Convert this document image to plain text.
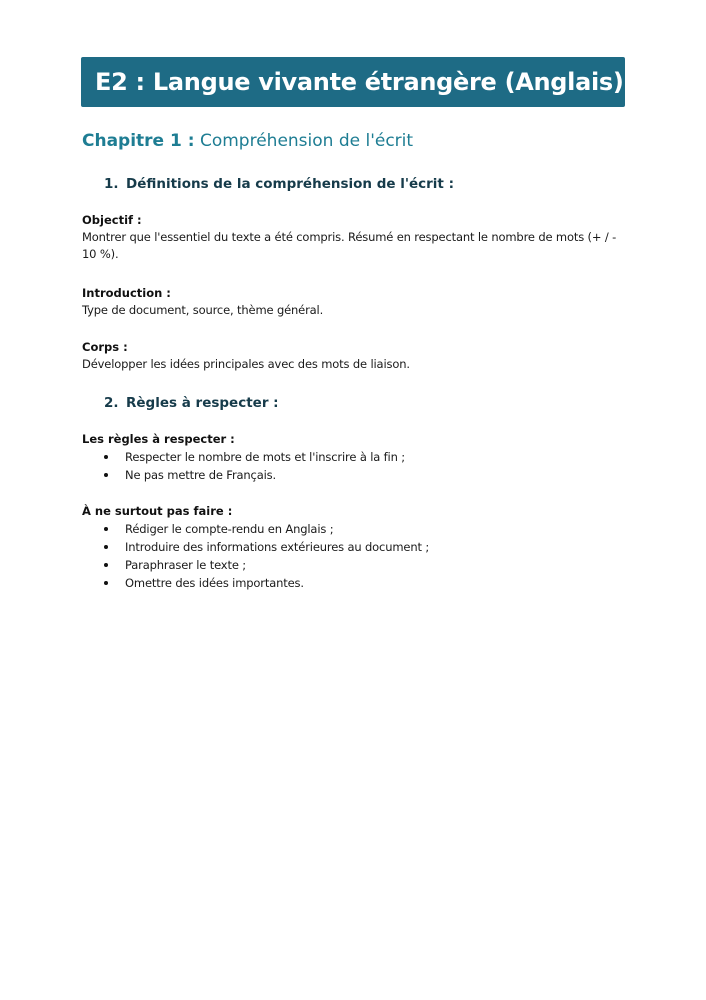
E2 : Langue vivante étrangère (Anglais)
Chapitre 1 : Compréhension de l'écrit
1. Définitions de la compréhension de l'écrit :
Objectif :
Montrer que l'essentiel du texte a été compris. Résumé en respectant le nombre de mots (+ / - 10 %).
Introduction :
Type de document, source, thème général.
Corps :
Développer les idées principales avec des mots de liaison.
2. Règles à respecter :
Les règles à respecter :
Respecter le nombre de mots et l'inscrire à la fin ;
Ne pas mettre de Français.
À ne surtout pas faire :
Rédiger le compte-rendu en Anglais ;
Introduire des informations extérieures au document ;
Paraphraser le texte ;
Omettre des idées importantes.
